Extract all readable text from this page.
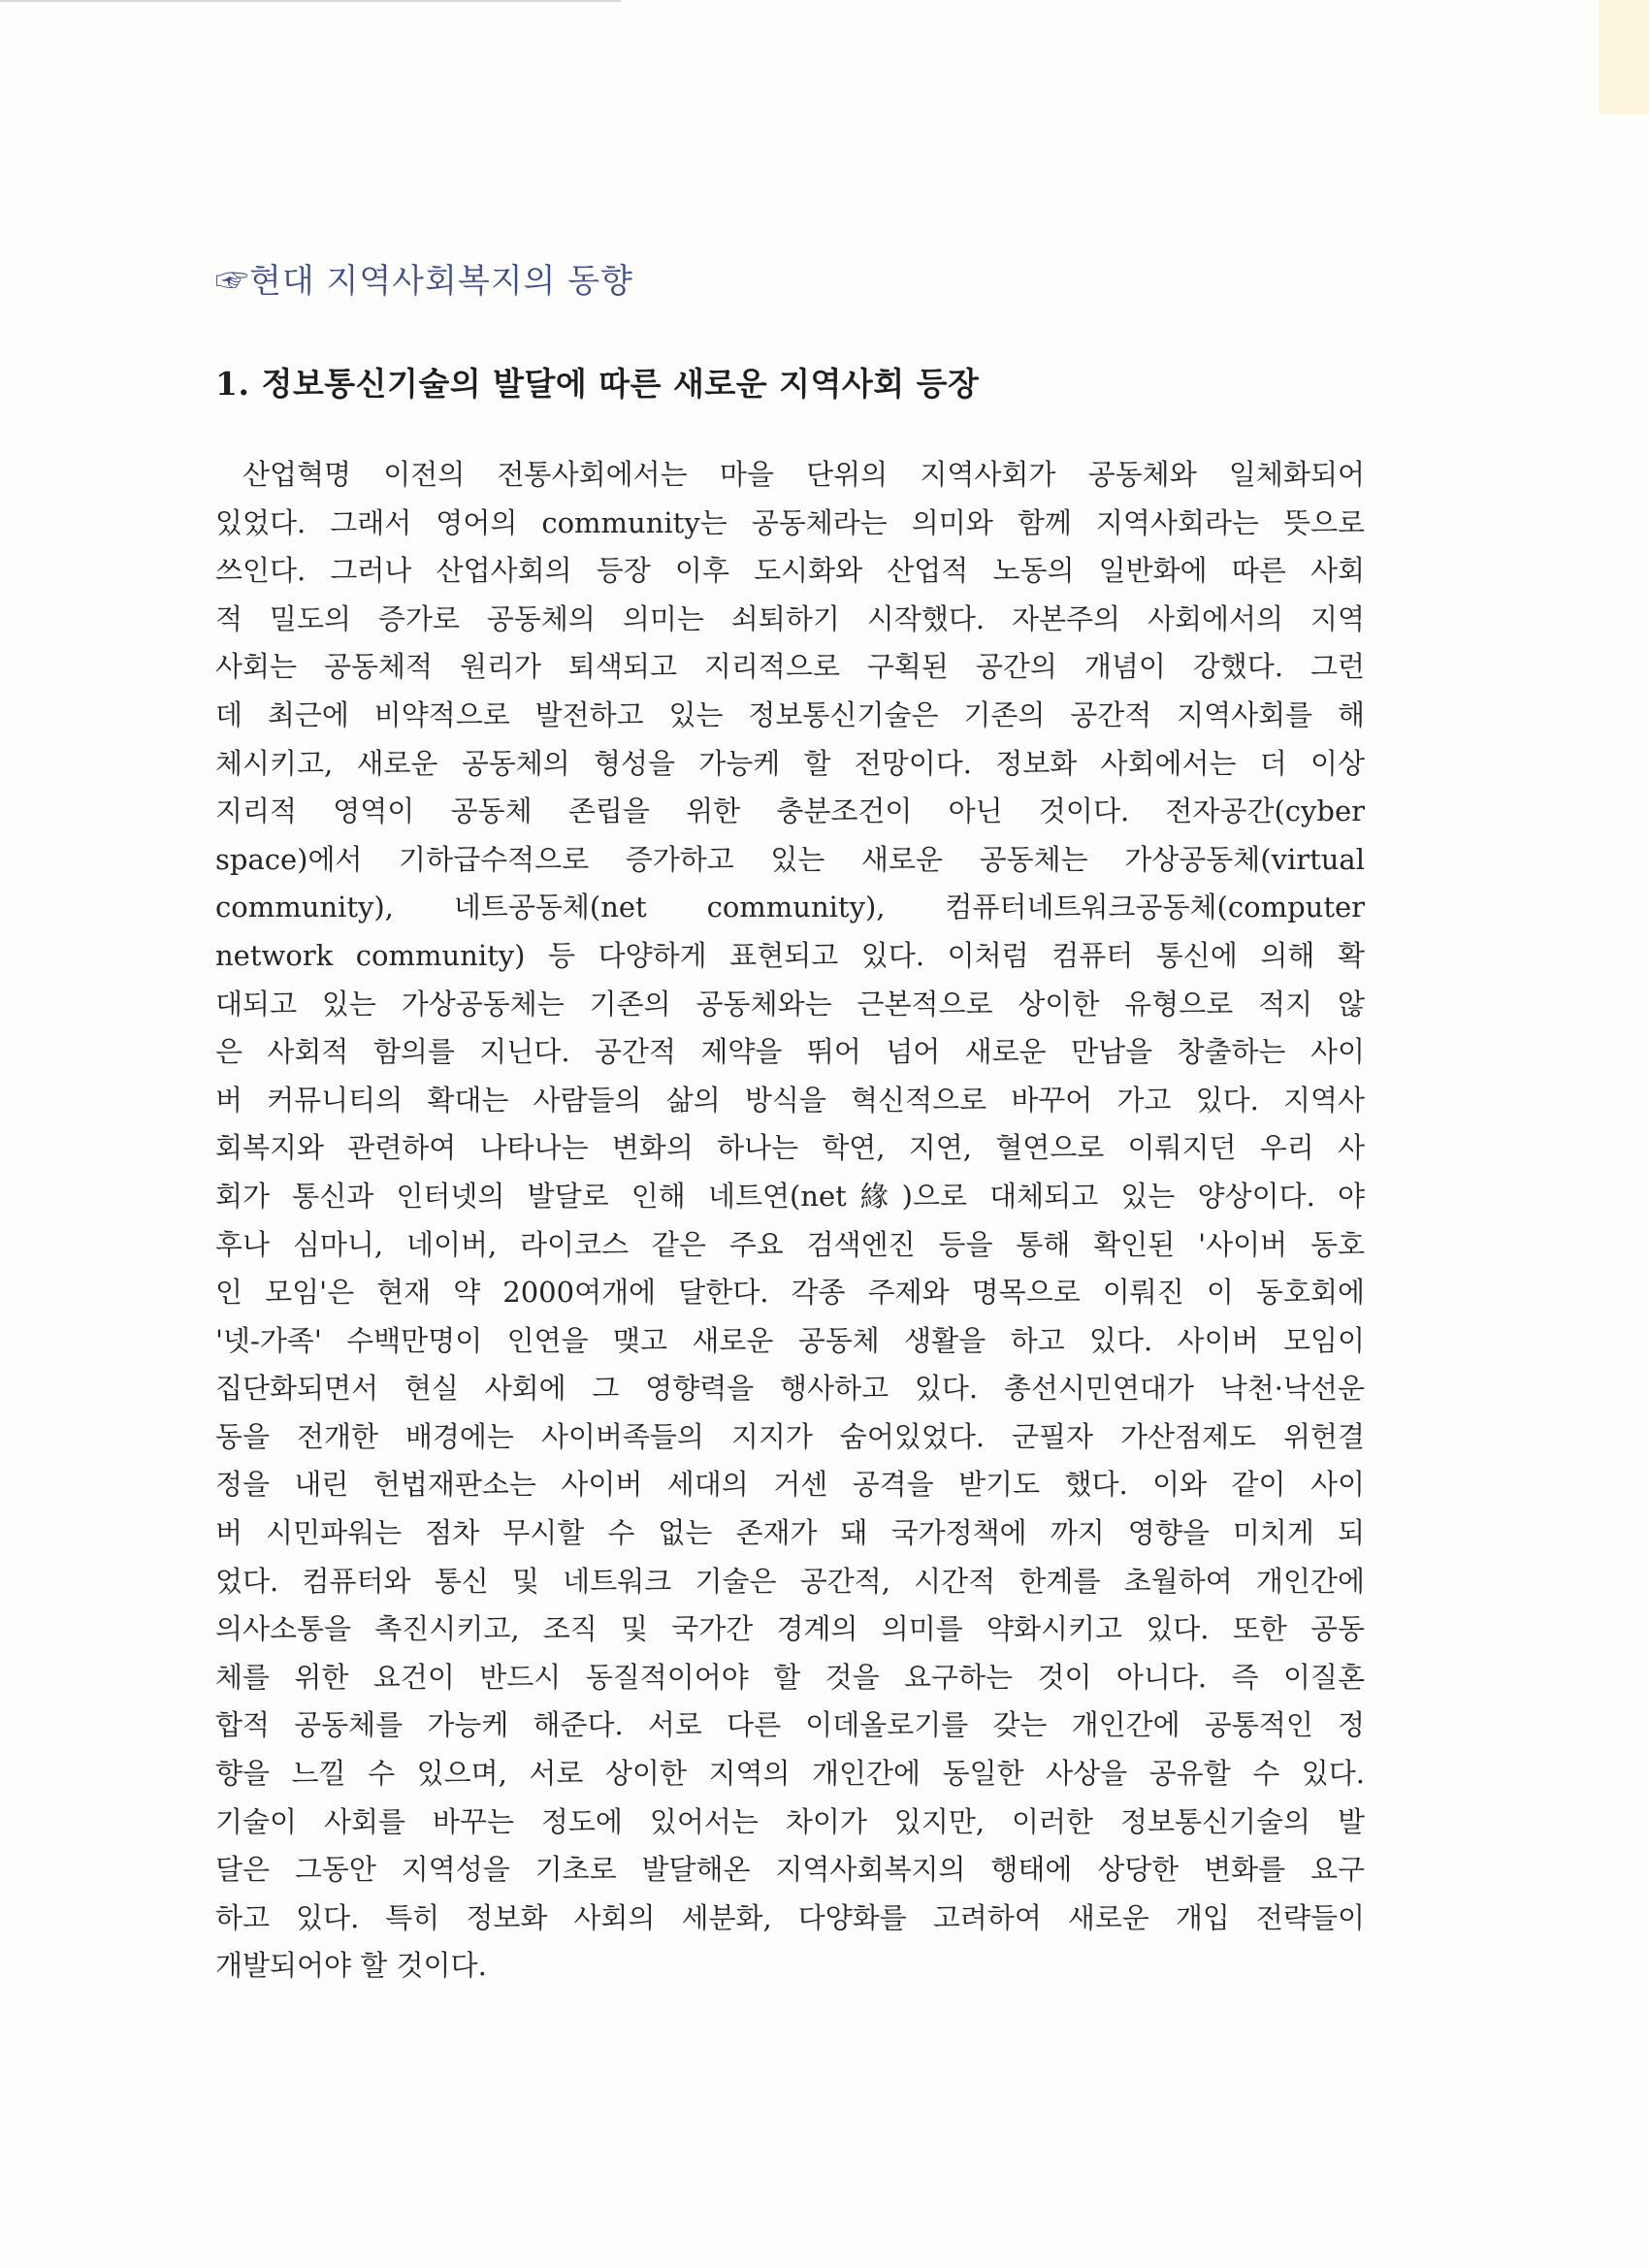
☞현대 지역사회복지의 동향
1. 정보통신기술의 발달에 따른 새로운 지역사회 등장
산업혁명 이전의 전통사회에서는 마을 단위의 지역사회가 공동체와 일체화되어
있었다. 그래서 영어의 community는 공동체라는 의미와 함께 지역사회라는 뜻으로
쓰인다. 그러나 산업사회의 등장 이후 도시화와 산업적 노동의 일반화에 따른 사회
적 밀도의 증가로 공동체의 의미는 쇠퇴하기 시작했다. 자본주의 사회에서의 지역
사회는 공동체적 원리가 퇴색되고 지리적으로 구획된 공간의 개념이 강했다. 그런
데 최근에 비약적으로 발전하고 있는 정보통신기술은 기존의 공간적 지역사회를 해
체시키고, 새로운 공동체의 형성을 가능케 할 전망이다. 정보화 사회에서는 더 이상
지리적 영역이 공동체 존립을 위한 충분조건이 아닌 것이다. 전자공간(cyber
space)에서 기하급수적으로 증가하고 있는 새로운 공동체는 가상공동체(virtual
community), 네트공동체(net community), 컴퓨터네트워크공동체(computer
network community) 등 다양하게 표현되고 있다. 이처럼 컴퓨터 통신에 의해 확
대되고 있는 가상공동체는 기존의 공동체와는 근본적으로 상이한 유형으로 적지 않
은 사회적 함의를 지닌다. 공간적 제약을 뛰어 넘어 새로운 만남을 창출하는 사이
버 커뮤니티의 확대는 사람들의 삶의 방식을 혁신적으로 바꾸어 가고 있다. 지역사
회복지와 관련하여 나타나는 변화의 하나는 학연, 지연, 혈연으로 이뤄지던 우리 사
회가 통신과 인터넷의 발달로 인해 네트연(net緣)으로 대체되고 있는 양상이다. 야
후나 심마니, 네이버, 라이코스 같은 주요 검색엔진 등을 통해 확인된 '사이버 동호
인 모임'은 현재 약 2000여개에 달한다. 각종 주제와 명목으로 이뤄진 이 동호회에
'넷-가족' 수백만명이 인연을 맺고 새로운 공동체 생활을 하고 있다. 사이버 모임이
집단화되면서 현실 사회에 그 영향력을 행사하고 있다. 총선시민연대가 낙천·낙선운
동을 전개한 배경에는 사이버족들의 지지가 숨어있었다. 군필자 가산점제도 위헌결
정을 내린 헌법재판소는 사이버 세대의 거센 공격을 받기도 했다. 이와 같이 사이
버 시민파워는 점차 무시할 수 없는 존재가 돼 국가정책에 까지 영향을 미치게 되
었다. 컴퓨터와 통신 및 네트워크 기술은 공간적, 시간적 한계를 초월하여 개인간에
의사소통을 촉진시키고, 조직 및 국가간 경계의 의미를 약화시키고 있다. 또한 공동
체를 위한 요건이 반드시 동질적이어야 할 것을 요구하는 것이 아니다. 즉 이질혼
합적 공동체를 가능케 해준다. 서로 다른 이데올로기를 갖는 개인간에 공통적인 정
향을 느낄 수 있으며, 서로 상이한 지역의 개인간에 동일한 사상을 공유할 수 있다.
기술이 사회를 바꾸는 정도에 있어서는 차이가 있지만, 이러한 정보통신기술의 발
달은 그동안 지역성을 기초로 발달해온 지역사회복지의 행태에 상당한 변화를 요구
하고 있다. 특히 정보화 사회의 세분화, 다양화를 고려하여 새로운 개입 전략들이
개발되어야 할 것이다.
